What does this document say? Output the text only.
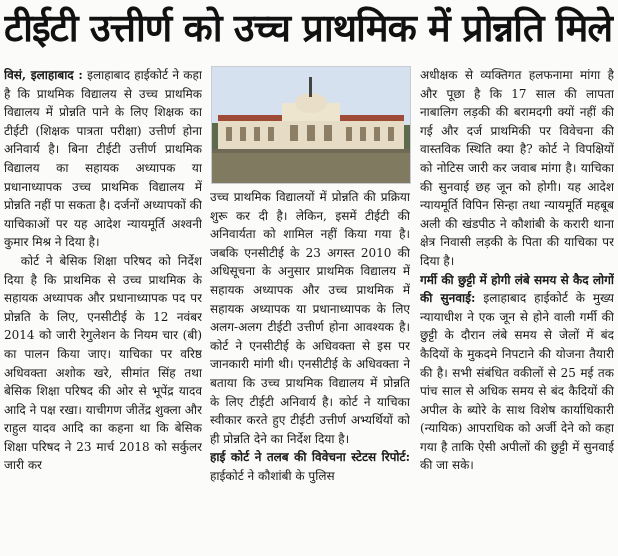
टीईटी उत्तीर्ण को उच्च प्राथमिक में प्रोन्नति मिले

विसं, इलाहाबाद : इलाहाबाद हाईकोर्ट ने कहा है कि प्राथमिक विद्यालय से उच्च प्राथमिक विद्यालय में प्रोन्नति पाने के लिए शिक्षक का टीईटी (शिक्षक पात्रता परीक्षा) उत्तीर्ण होना अनिवार्य है। बिना टीईटी उत्तीर्ण प्राथमिक विद्यालय का सहायक अध्यापक या प्रधानाध्यापक उच्च प्राथमिक विद्यालय में प्रोन्नति नहीं पा सकता है। दर्जनों अध्यापकों की याचिकाओं पर यह आदेश न्यायमूर्ति अश्वनी कुमार मिश्र ने दिया है।

कोर्ट ने बेसिक शिक्षा परिषद को निर्देश दिया है कि प्राथमिक से उच्च प्राथमिक के सहायक अध्यापक और प्रधानाध्यापक पद पर प्रोन्नति के लिए, एनसीटीई के 12 नवंबर 2014 को जारी रेगुलेशन के नियम चार (बी) का पालन किया जाए। याचिका पर वरिष्ठ अधिवक्ता अशोक खरे, सीमांत सिंह तथा बेसिक शिक्षा परिषद की ओर से भूपेंद्र यादव आदि ने पक्ष रखा। याचीगण जीतेंद्र शुक्ला और राहुल यादव आदि का कहना था कि बेसिक शिक्षा परिषद ने 23 मार्च 2018 को सर्कुलर जारी कर

उच्च प्राथमिक विद्यालयों में प्रोन्नति की प्रक्रिया शुरू कर दी है। लेकिन, इसमें टीईटी की अनिवार्यता को शामिल नहीं किया गया है। जबकि एनसीटीई के 23 अगस्त 2010 की अधिसूचना के अनुसार प्राथमिक विद्यालय में सहायक अध्यापक और उच्च प्राथमिक में सहायक अध्यापक या प्रधानाध्यापक के लिए अलग-अलग टीईटी उत्तीर्ण होना आवश्यक है। कोर्ट ने एनसीटीई के अधिवक्ता से इस पर जानकारी मांगी थी। एनसीटीई के अधिवक्ता ने बताया कि उच्च प्राथमिक विद्यालय में प्रोन्नति के लिए टीईटी अनिवार्य है। कोर्ट ने याचिका स्वीकार करते हुए टीईटी उत्तीर्ण अभ्यर्थियों को ही प्रोन्नति देने का निर्देश दिया है।

हाई कोर्ट ने तलब की विवेचना स्टेटस रिपोर्ट: हाईकोर्ट ने कौशांबी के पुलिस

अधीक्षक से व्यक्तिगत हलफनामा मांगा है और पूछा है कि 17 साल की लापता नाबालिग लड़की की बरामदगी क्यों नहीं की गई और दर्ज प्राथमिकी पर विवेचना की वास्तविक स्थिति क्या है? कोर्ट ने विपक्षियों को नोटिस जारी कर जवाब मांगा है। याचिका की सुनवाई छह जून को होगी। यह आदेश न्यायमूर्ति विपिन सिन्हा तथा न्यायमूर्ति महबूब अली की खंडपीठ ने कौशांबी के करारी थाना क्षेत्र निवासी लड़की के पिता की याचिका पर दिया है।

गर्मी की छुट्टी में होगी लंबे समय से कैद लोगों की सुनवाई: इलाहाबाद हाईकोर्ट के मुख्य न्यायाधीश ने एक जून से होने वाली गर्मी की छुट्टी के दौरान लंबे समय से जेलों में बंद कैदियों के मुकदमे निपटाने की योजना तैयारी की है। सभी संबंधित वकीलों से 25 मई तक पांच साल से अधिक समय से बंद कैदियों की अपील के ब्योरे के साथ विशेष कार्याधिकारी (न्यायिक) आपराधिक को अर्जी देने को कहा गया है ताकि ऐसी अपीलों की छुट्टी में सुनवाई की जा सके।
